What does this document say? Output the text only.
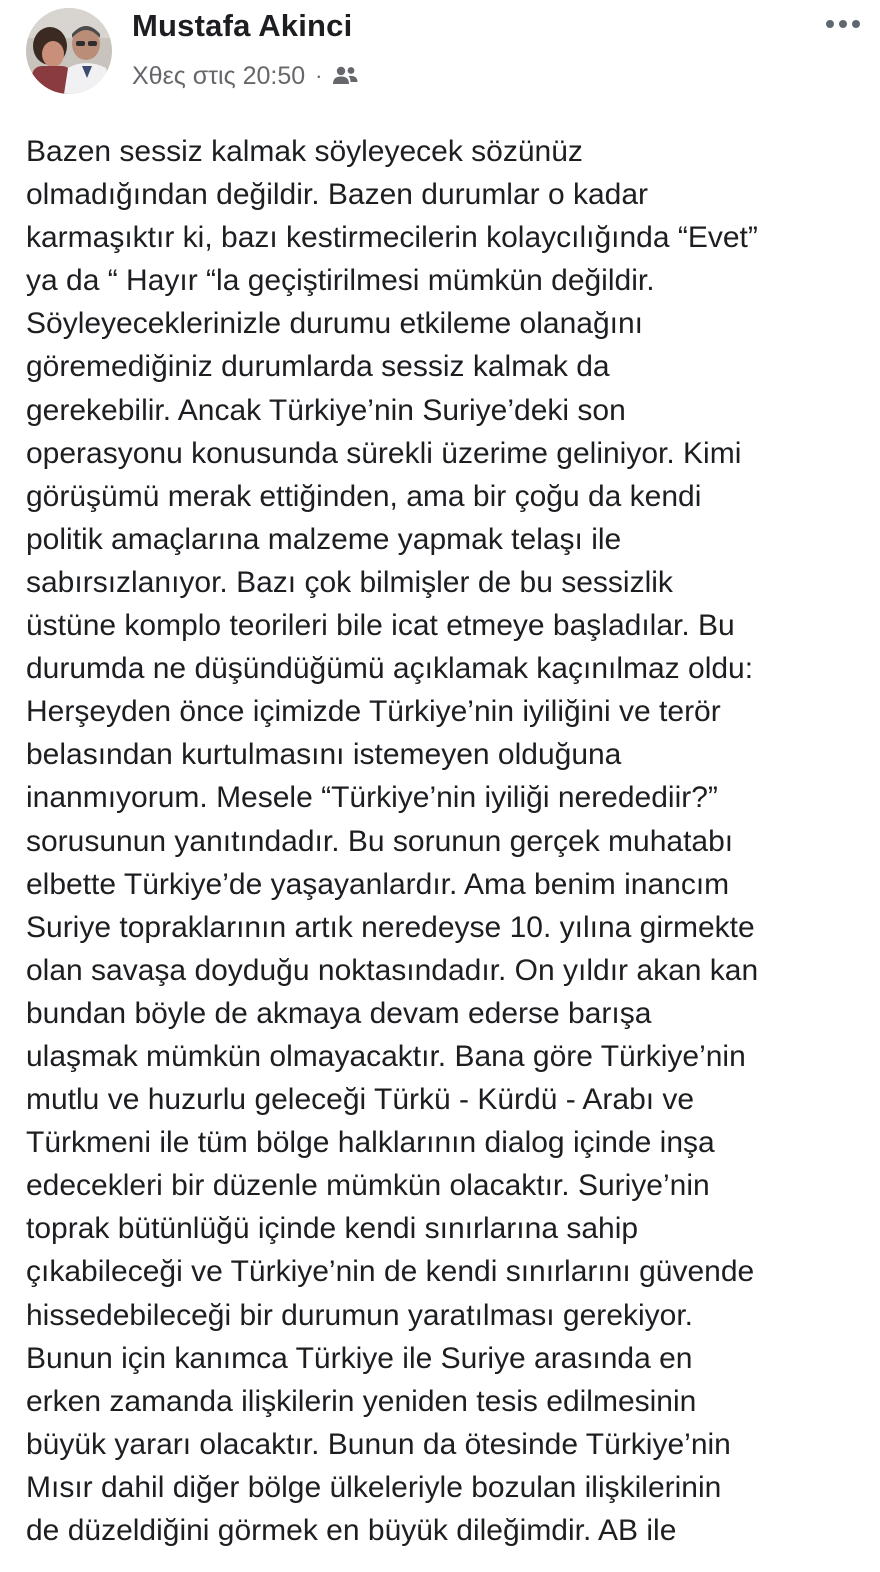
Mustafa Akinci
Χθες στις 20:50 ·
Bazen sessiz kalmak söyleyecek sözünüz
olmadığından değildir. Bazen durumlar o kadar
karmaşıktır ki, bazı kestirmecilerin kolaycılığında “Evet”
ya da “ Hayır “la geçiştirilmesi mümkün değildir.
Söyleyeceklerinizle durumu etkileme olanağını
göremediğiniz durumlarda sessiz kalmak da
gerekebilir. Ancak Türkiye’nin Suriye’deki son
operasyonu konusunda sürekli üzerime geliniyor. Kimi
görüşümü merak ettiğinden, ama bir çoğu da kendi
politik amaçlarına malzeme yapmak telaşı ile
sabırsızlanıyor. Bazı çok bilmişler de bu sessizlik
üstüne komplo teorileri bile icat etmeye başladılar. Bu
durumda ne düşündüğümü açıklamak kaçınılmaz oldu:
Herşeyden önce içimizde Türkiye’nin iyiliğini ve terör
belasından kurtulmasını istemeyen olduğuna
inanmıyorum. Mesele “Türkiye’nin iyiliği neredediir?”
sorusunun yanıtındadır. Bu sorunun gerçek muhatabı
elbette Türkiye’de yaşayanlardır. Ama benim inancım
Suriye topraklarının artık neredeyse 10. yılına girmekte
olan savaşa doyduğu noktasındadır. On yıldır akan kan
bundan böyle de akmaya devam ederse barışa
ulaşmak mümkün olmayacaktır. Bana göre Türkiye’nin
mutlu ve huzurlu geleceği Türkü - Kürdü - Arabı ve
Türkmeni ile tüm bölge halklarının dialog içinde inşa
edecekleri bir düzenle mümkün olacaktır. Suriye’nin
toprak bütünlüğü içinde kendi sınırlarına sahip
çıkabileceği ve Türkiye’nin de kendi sınırlarını güvende
hissedebileceği bir durumun yaratılması gerekiyor.
Bunun için kanımca Türkiye ile Suriye arasında en
erken zamanda ilişkilerin yeniden tesis edilmesinin
büyük yararı olacaktır. Bunun da ötesinde Türkiye’nin
Mısır dahil diğer bölge ülkeleriyle bozulan ilişkilerinin
de düzeldiğini görmek en büyük dileğimdir. AB ile
